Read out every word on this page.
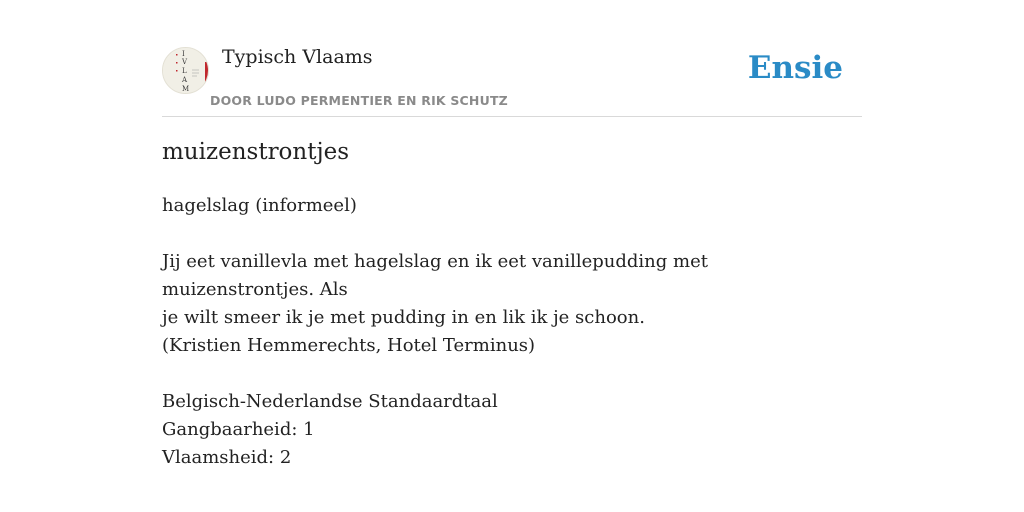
I
V
L
A
M
Typisch Vlaams
DOOR LUDO PERMENTIER EN RIK SCHUTZ
Ensie
muizenstrontjes

hagelslag (informeel)

Jij eet vanillevla met hagelslag en ik eet vanillepudding met muizenstrontjes. Als

je wilt smeer ik je met pudding in en lik ik je schoon.

(Kristien Hemmerechts, Hotel Terminus)

Belgisch-Nederlandse Standaardtaal

Gangbaarheid: 1

Vlaamsheid: 2
